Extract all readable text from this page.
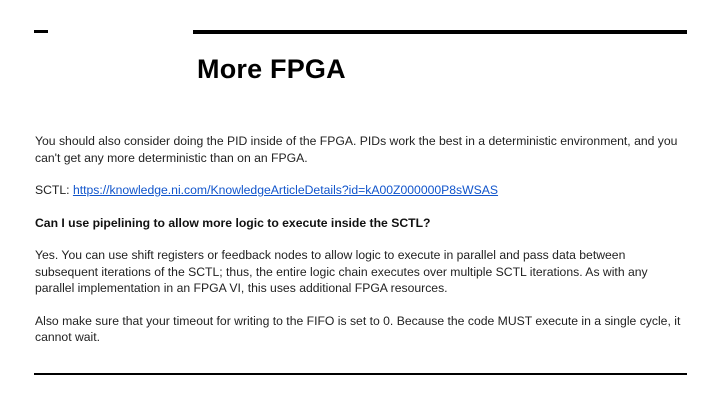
More FPGA

You should also consider doing the PID inside of the FPGA. PIDs work the best in a deterministic environment, and you can't get any more deterministic than on an FPGA.

SCTL: https://knowledge.ni.com/KnowledgeArticleDetails?id=kA00Z000000P8sWSAS

Can I use pipelining to allow more logic to execute inside the SCTL?

Yes. You can use shift registers or feedback nodes to allow logic to execute in parallel and pass data between subsequent iterations of the SCTL; thus, the entire logic chain executes over multiple SCTL iterations. As with any parallel implementation in an FPGA VI, this uses additional FPGA resources.

Also make sure that your timeout for writing to the FIFO is set to 0. Because the code MUST execute in a single cycle, it cannot wait.
